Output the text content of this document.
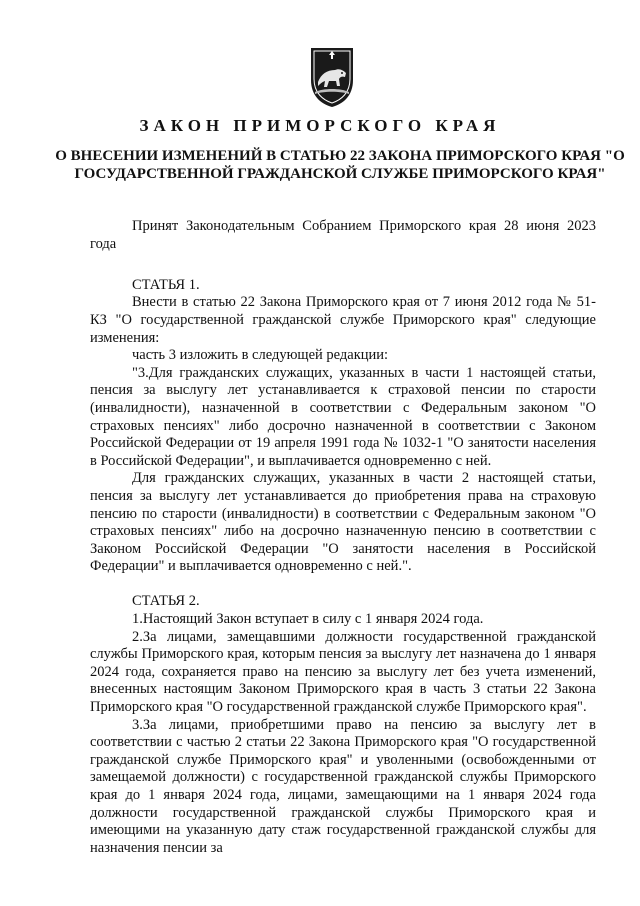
ЗАКОН ПРИМОРСКОГО КРАЯ
О ВНЕСЕНИИ ИЗМЕНЕНИЙ В СТАТЬЮ 22 ЗАКОНА ПРИМОРСКОГО КРАЯ "О ГОСУДАРСТВЕННОЙ ГРАЖДАНСКОЙ СЛУЖБЕ ПРИМОРСКОГО КРАЯ"

Принят Законодательным Собранием Приморского края 28 июня 2023 года

СТАТЬЯ 1.

Внести в статью 22 Закона Приморского края от 7 июня 2012 года № 51-КЗ "О государственной гражданской службе Приморского края" следующие изменения:

часть 3 изложить в следующей редакции:

"3.Для гражданских служащих, указанных в части 1 настоящей статьи, пенсия за выслугу лет устанавливается к страховой пенсии по старости (инвалидности), назначенной в соответствии с Федеральным законом "О страховых пенсиях" либо досрочно назначенной в соответствии с Законом Российской Федерации от 19 апреля 1991 года № 1032-1 "О занятости населения в Российской Федерации", и выплачивается одновременно с ней.

Для гражданских служащих, указанных в части 2 настоящей статьи, пенсия за выслугу лет устанавливается до приобретения права на страховую пенсию по старости (инвалидности) в соответствии с Федеральным законом "О страховых пенсиях" либо на досрочно назначенную пенсию в соответствии с Законом Российской Федерации "О занятости населения в Российской Федерации" и выплачивается одновременно с ней.".

СТАТЬЯ 2.

1.Настоящий Закон вступает в силу с 1 января 2024 года.

2.За лицами, замещавшими должности государственной гражданской службы Приморского края, которым пенсия за выслугу лет назначена до 1 января 2024 года, сохраняется право на пенсию за выслугу лет без учета изменений, внесенных настоящим Законом Приморского края в часть 3 статьи 22 Закона Приморского края "О государственной гражданской службе Приморского края".

3.За лицами, приобретшими право на пенсию за выслугу лет в соответствии с частью 2 статьи 22 Закона Приморского края "О государственной гражданской службе Приморского края" и уволенными (освобожденными от замещаемой должности) с государственной гражданской службы Приморского края до 1 января 2024 года, лицами, замещающими на 1 января 2024 года должности государственной гражданской службы Приморского края и имеющими на указанную дату стаж государственной гражданской службы для назначения пенсии за
